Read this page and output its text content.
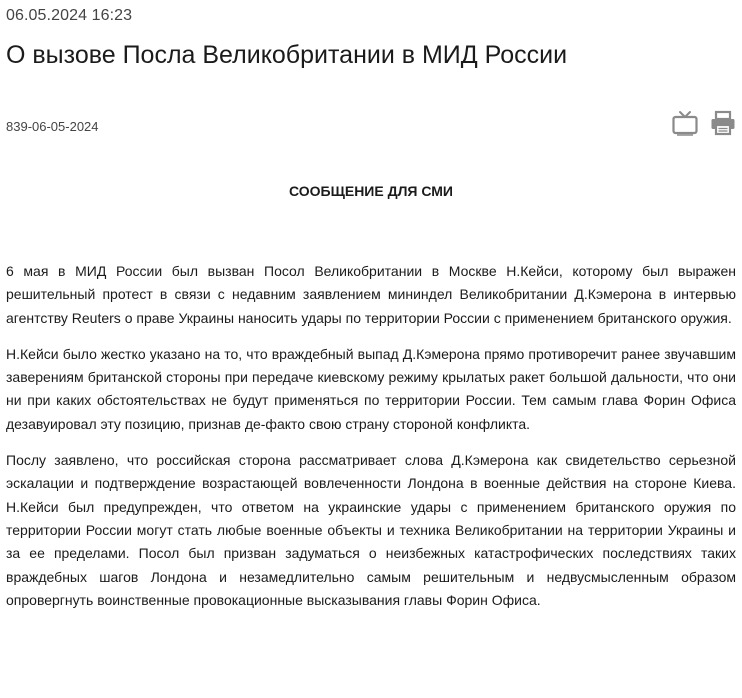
06.05.2024 16:23
О вызове Посла Великобритании в МИД России
839-06-05-2024
СООБЩЕНИЕ ДЛЯ СМИ

6 мая в МИД России был вызван Посол Великобритании в Москве Н.Кейси, которому был выражен решительный протест в связи с недавним заявлением мининдел Великобритании Д.Кэмерона в интервью агентству Reuters о праве Украины наносить удары по территории России с применением британского оружия.

Н.Кейси было жестко указано на то, что враждебный выпад Д.Кэмерона прямо противоречит ранее звучавшим заверениям британской стороны при передаче киевскому режиму крылатых ракет большой дальности, что они ни при каких обстоятельствах не будут применяться по территории России. Тем самым глава Форин Офиса дезавуировал эту позицию, признав де-факто свою страну стороной конфликта.

Послу заявлено, что российская сторона рассматривает слова Д.Кэмерона как свидетельство серьезной эскалации и подтверждение возрастающей вовлеченности Лондона в военные действия на стороне Киева. Н.Кейси был предупрежден, что ответом на украинские удары с применением британского оружия по территории России могут стать любые военные объекты и техника Великобритании на территории Украины и за ее пределами. Посол был призван задуматься о неизбежных катастрофических последствиях таких враждебных шагов Лондона и незамедлительно самым решительным и недвусмысленным образом опровергнуть воинственные провокационные высказывания главы Форин Офиса.
